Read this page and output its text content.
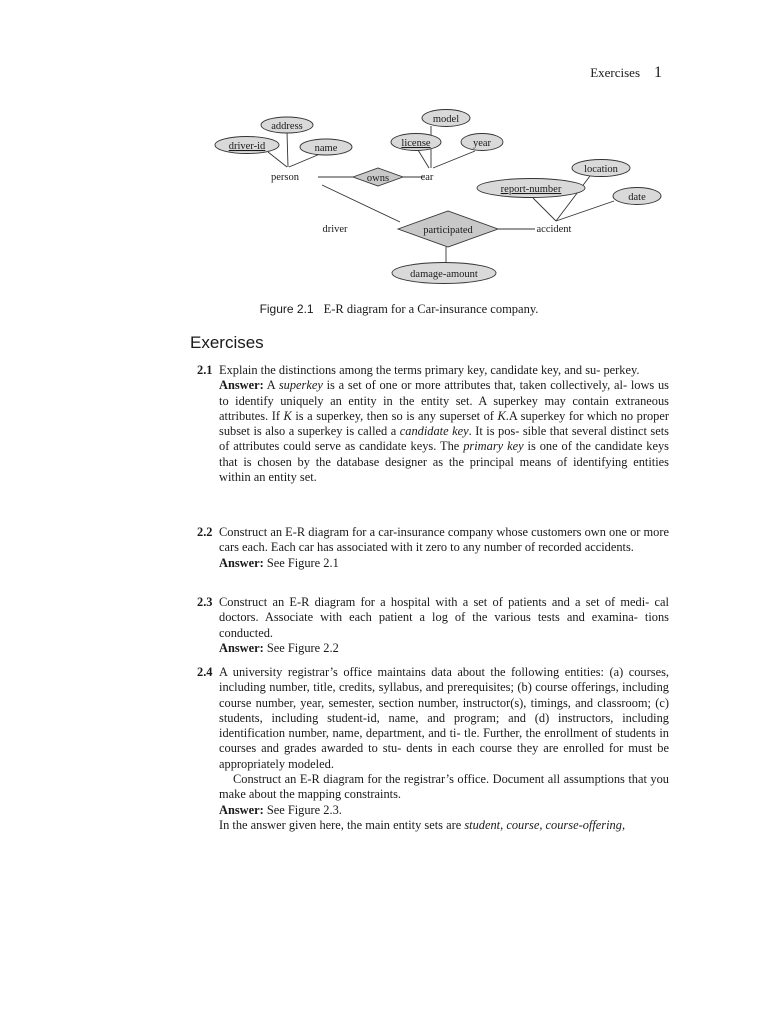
Exercises 1
address
driver-id	name
model
license	year
location
report-number
date
damage-amount
owns
participated
person	car
driver	accident
Figure 2.1 E-R diagram for a Car-insurance company.
Exercises
2.1 Explain the distinctions among the terms primary key, candidate key, and su- perkey.
Answer: A superkey is a set of one or more attributes that, taken collectively, al- lows us to identify uniquely an entity in the entity set. A superkey may contain extraneous attributes. If K is a superkey, then so is any superset of K.A superkey for which no proper subset is also a superkey is called a candidate key. It is pos- sible that several distinct sets of attributes could serve as candidate keys. The primary key is one of the candidate keys that is chosen by the database designer as the principal means of identifying entities within an entity set.
2.2 Construct an E-R diagram for a car-insurance company whose customers own one or more cars each. Each car has associated with it zero to any number of recorded accidents.
Answer: See Figure 2.1
2.3 Construct an E-R diagram for a hospital with a set of patients and a set of medi- cal doctors. Associate with each patient a log of the various tests and examina- tions conducted.
Answer: See Figure 2.2
2.4 A university registrar’s office maintains data about the following entities: (a) courses, including number, title, credits, syllabus, and prerequisites; (b) course offerings, including course number, year, semester, section number, instructor(s), timings, and classroom; (c) students, including student-id, name, and program; and (d) instructors, including identification number, name, department, and ti- tle. Further, the enrollment of students in courses and grades awarded to stu- dents in each course they are enrolled for must be appropriately modeled.
Construct an E-R diagram for the registrar’s office. Document all assumptions that you make about the mapping constraints.
Answer: See Figure 2.3.
In the answer given here, the main entity sets are student, course, course-offering,
